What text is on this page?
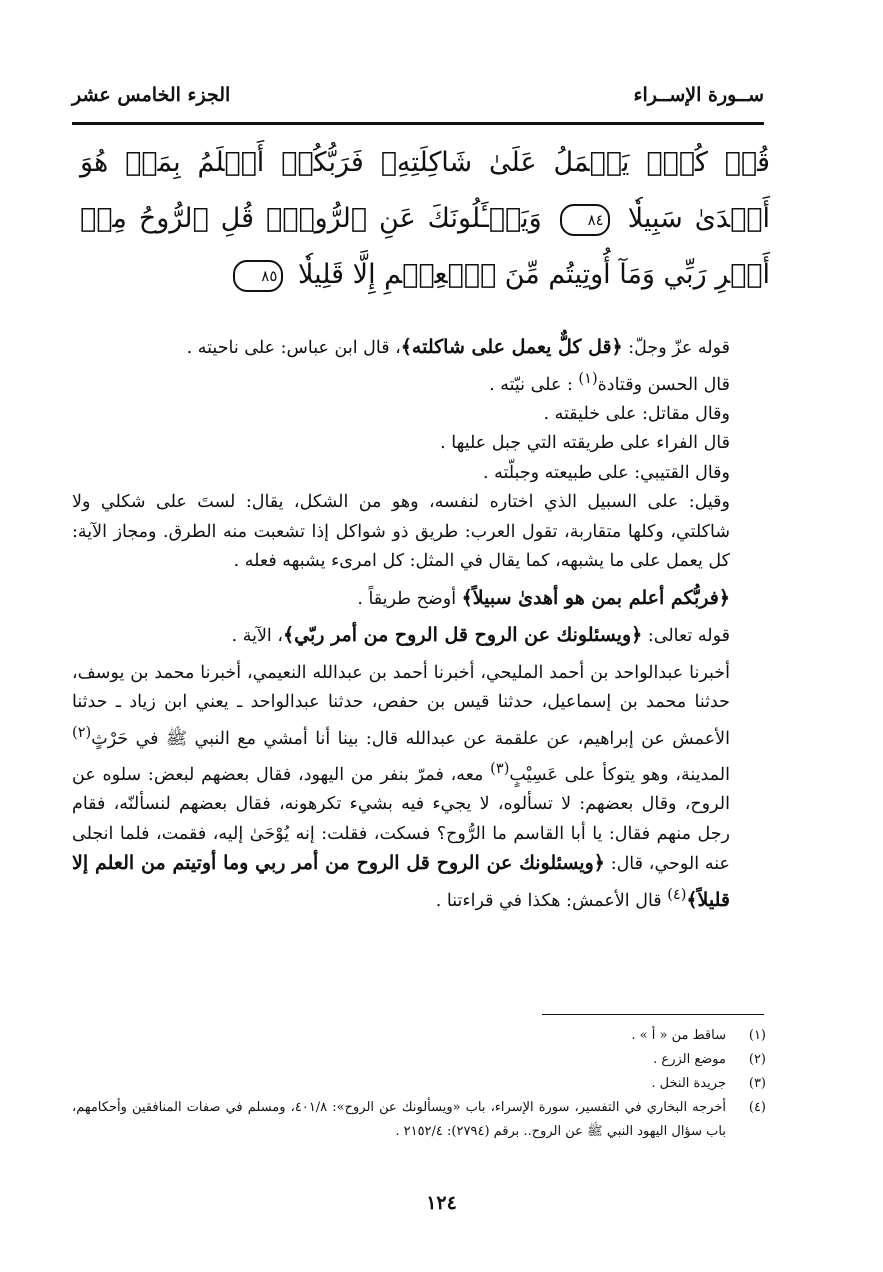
ســورة الإســراء
الجزء الخامس عشر
قُلۡ كُلّٞ يَعۡمَلُ عَلَىٰ شَاكِلَتِهِۦ فَرَبُّكُمۡ أَعۡلَمُ بِمَنۡ هُوَ أَهۡدَىٰ سَبِيلٗا ٨٤ وَيَسۡـَٔلُونَكَ عَنِ ٱلرُّوحِۖ قُلِ ٱلرُّوحُ مِنۡ أَمۡرِ رَبِّي وَمَآ أُوتِيتُم مِّنَ ٱلۡعِلۡمِ إِلَّا قَلِيلٗا ٨٥

قوله عزّ وجلّ: ﴿قل كلٌّ يعمل على شاكلته﴾، قال ابن عباس: على ناحيته .

قال الحسن وقتادة$^{(١)}$ : على نيّته .

وقال مقاتل: على خليقته .

قال الفراء على طريقته التي جبل عليها .

وقال القتيبي: على طبيعته وجبلّته .

وقيل: على السبيل الذي اختاره لنفسه، وهو من الشكل، يقال: لستَ على شكلي ولا شاكلتي، وكلها متقاربة، تقول العرب: طريق ذو شواكل إذا تشعبت منه الطرق. ومجاز الآية: كل يعمل على ما يشبهه، كما يقال في المثل: كل امرىء يشبهه فعله .

﴿فربُّكم أعلم بمن هو أهدىٰ سبيلاً﴾ أوضح طريقاً .

قوله تعالى: ﴿ويسئلونك عن الروح قل الروح من أمر ربّي﴾، الآية .

أخبرنا عبدالواحد بن أحمد المليحي، أخبرنا أحمد بن عبدالله النعيمي، أخبرنا محمد بن يوسف، حدثنا محمد بن إسماعيل، حدثنا قيس بن حفص، حدثنا عبدالواحد ـ يعني ابن زياد ـ حدثنا الأعمش عن إبراهيم، عن علقمة عن عبدالله قال: بينا أنا أمشي مع النبي ﷺ في حَرْثٍ$^{(٢)}$ المدينة، وهو يتوكأ على عَسِيْبٍ$^{(٣)}$ معه، فمرّ بنفر من اليهود، فقال بعضهم لبعض: سلوه عن الروح، وقال بعضهم: لا تسألوه، لا يجيء فيه بشيء تكرهونه، فقال بعضهم لنسألنّه، فقام رجل منهم فقال: يا أبا القاسم ما الرُّوح؟ فسكت، فقلت: إنه يُوْحَىٰ إليه، فقمت، فلما انجلى عنه الوحي، قال: ﴿ويسئلونك عن الروح قل الروح من أمر ربي وما أوتيتم من العلم إلا قليلاً﴾$^{(٤)}$ قال الأعمش: هكذا في قراءتنا .

(١)
ساقط من « أ » .
(٢)
موضع الزرع .
(٣)
جريدة النخل .
(٤)
أخرجه البخاري في التفسير، سورة الإسراء، باب «ويسألونك عن الروح»: ٤٠١/٨، ومسلم في صفات المنافقين وأحكامهم، باب سؤال اليهود النبي ﷺ عن الروح.. برقم (٢٧٩٤): ٢١٥٢/٤ .
١٢٤
